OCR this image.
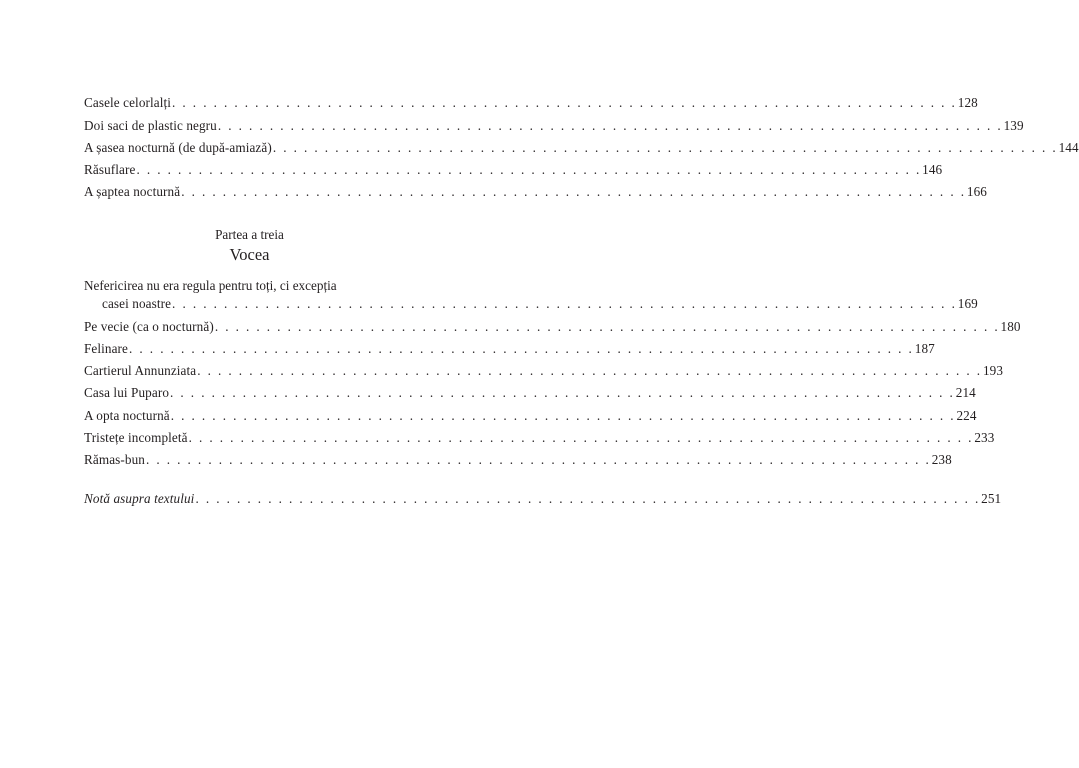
Casele celorlalți . . . . . . . . . . . . . . . . . . . . . . . . . . . . . . . . . . . . . . . . . . . . . . . . . . . . . . . . . . . . . . . . . . . . . . . . . . . . 128
Doi saci de plastic negru . . . . . . . . . . . . . . . . . . . . . . . . . . . . . . . . . . . . . . . . . . . . . . . . . . . . . . . . . . . . . . . . . . . . . . . . . . . . 139
A șasea nocturnă (de după-amiază) . . . . . . . . . . . . . . . . . . . . . . . . . . . . . . . . . . . . . . . . . . . . . . . . . . . . . . . . . . . . . . . . . . . . . . . . . . . . 144
Răsuflare . . . . . . . . . . . . . . . . . . . . . . . . . . . . . . . . . . . . . . . . . . . . . . . . . . . . . . . . . . . . . . . . . . . . . . . . . . . . 146
A șaptea nocturnă . . . . . . . . . . . . . . . . . . . . . . . . . . . . . . . . . . . . . . . . . . . . . . . . . . . . . . . . . . . . . . . . . . . . . . . . . . . . 166
Partea a treia
Vocea
Nefericirea nu era regula pentru toți, ci excepția
casei noastre . . . . . . . . . . . . . . . . . . . . . . . . . . . . . . . . . . . . . . . . . . . . . . . . . . . . . . . . . . . . . . . . . . . . . . . . . . . . 169
Pe vecie (ca o nocturnă) . . . . . . . . . . . . . . . . . . . . . . . . . . . . . . . . . . . . . . . . . . . . . . . . . . . . . . . . . . . . . . . . . . . . . . . . . . . . 180
Felinare . . . . . . . . . . . . . . . . . . . . . . . . . . . . . . . . . . . . . . . . . . . . . . . . . . . . . . . . . . . . . . . . . . . . . . . . . . . . 187
Cartierul Annunziata . . . . . . . . . . . . . . . . . . . . . . . . . . . . . . . . . . . . . . . . . . . . . . . . . . . . . . . . . . . . . . . . . . . . . . . . . . . . 193
Casa lui Puparo . . . . . . . . . . . . . . . . . . . . . . . . . . . . . . . . . . . . . . . . . . . . . . . . . . . . . . . . . . . . . . . . . . . . . . . . . . . . 214
A opta nocturnă . . . . . . . . . . . . . . . . . . . . . . . . . . . . . . . . . . . . . . . . . . . . . . . . . . . . . . . . . . . . . . . . . . . . . . . . . . . . 224
Tristețe incompletă . . . . . . . . . . . . . . . . . . . . . . . . . . . . . . . . . . . . . . . . . . . . . . . . . . . . . . . . . . . . . . . . . . . . . . . . . . . . 233
Rămas-bun . . . . . . . . . . . . . . . . . . . . . . . . . . . . . . . . . . . . . . . . . . . . . . . . . . . . . . . . . . . . . . . . . . . . . . . . . . . . 238
Notă asupra textului . . . . . . . . . . . . . . . . . . . . . . . . . . . . . . . . . . . . . . . . . . . . . . . . . . . . . . . . . . . . . . . . . . . . . . . . . . . . 251
